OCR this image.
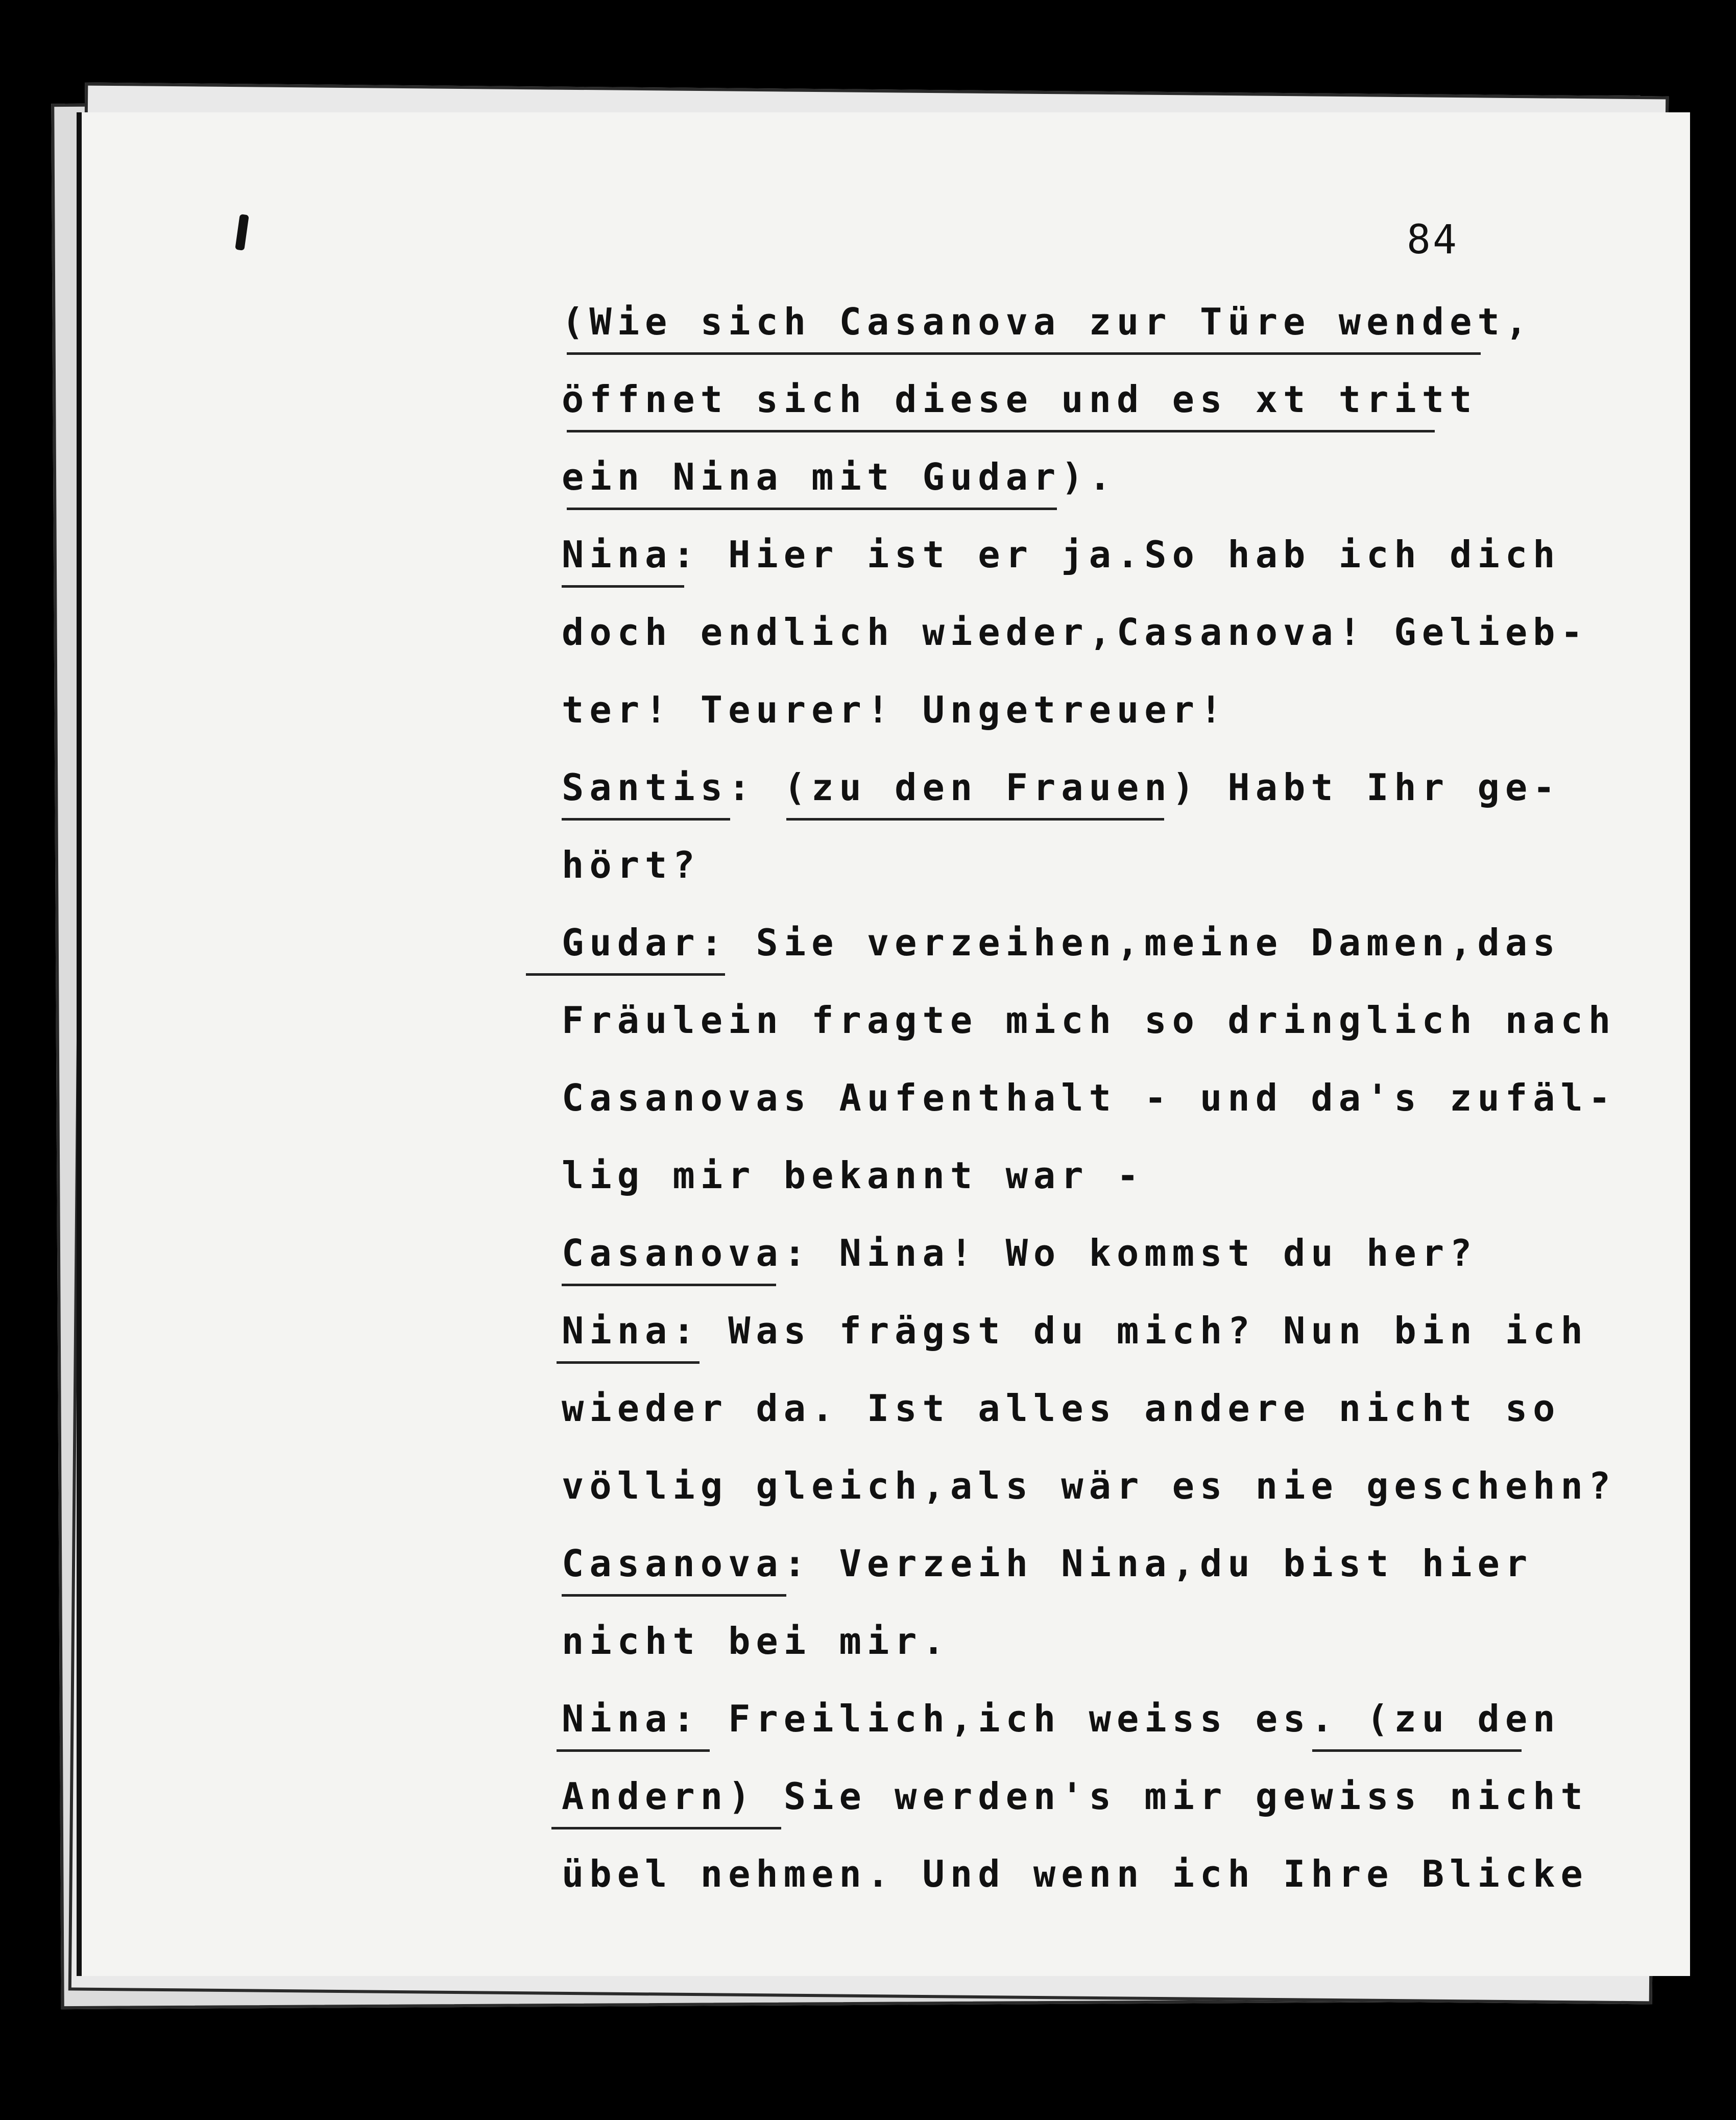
84
(Wie sich Casanova zur Türe wendet,
öffnet sich diese und es xt tritt
ein Nina mit Gudar).
Nina: Hier ist er ja.So hab ich dich
doch endlich wieder,Casanova! Gelieb-
ter! Teurer! Ungetreuer!
Santis: (zu den Frauen) Habt Ihr ge-
hört?
Gudar: Sie verzeihen,meine Damen,das
Fräulein fragte mich so dringlich nach
Casanovas Aufenthalt - und da's zufäl-
lig mir bekannt war -
Casanova: Nina! Wo kommst du her?
Nina: Was frägst du mich? Nun bin ich
wieder da. Ist alles andere nicht so
völlig gleich,als wär es nie geschehn?
Casanova: Verzeih Nina,du bist hier
nicht bei mir.
Nina: Freilich,ich weiss es. (zu den
Andern) Sie werden's mir gewiss nicht
übel nehmen. Und wenn ich Ihre Blicke
